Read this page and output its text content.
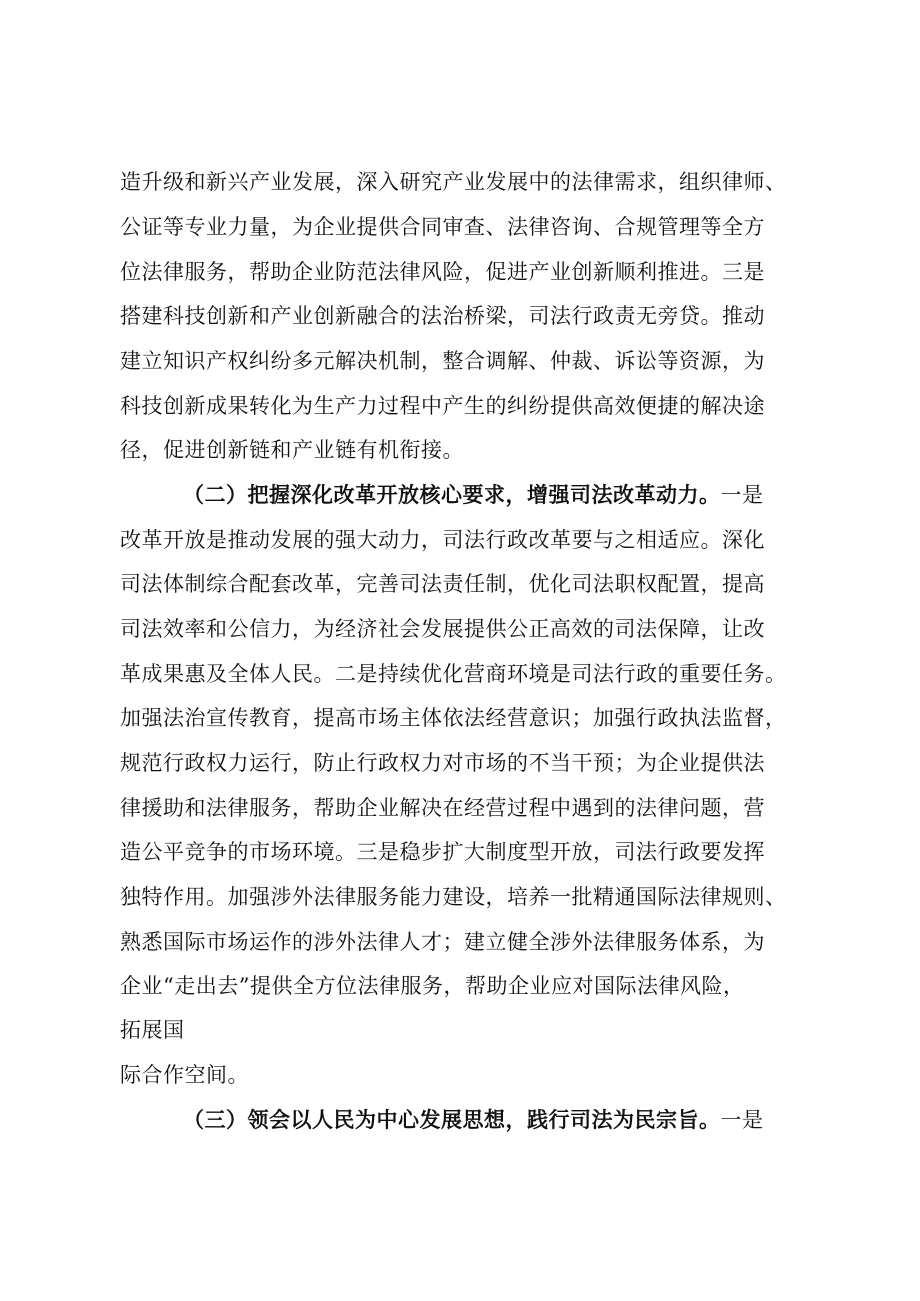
造升级和新兴产业发展，深入研究产业发展中的法律需求，组织律师、
公证等专业力量，为企业提供合同审查、法律咨询、合规管理等全方
位法律服务，帮助企业防范法律风险，促进产业创新顺利推进。三是
搭建科技创新和产业创新融合的法治桥梁，司法行政责无旁贷。推动
建立知识产权纠纷多元解决机制，整合调解、仲裁、诉讼等资源，为
科技创新成果转化为生产力过程中产生的纠纷提供高效便捷的解决途
径，促进创新链和产业链有机衔接。
（二）把握深化改革开放核心要求，增强司法改革动力。一是
改革开放是推动发展的强大动力，司法行政改革要与之相适应。深化
司法体制综合配套改革，完善司法责任制，优化司法职权配置，提高
司法效率和公信力，为经济社会发展提供公正高效的司法保障，让改
革成果惠及全体人民。二是持续优化营商环境是司法行政的重要任务。
加强法治宣传教育，提高市场主体依法经营意识；加强行政执法监督，
规范行政权力运行，防止行政权力对市场的不当干预；为企业提供法
律援助和法律服务，帮助企业解决在经营过程中遇到的法律问题，营
造公平竞争的市场环境。三是稳步扩大制度型开放，司法行政要发挥
独特作用。加强涉外法律服务能力建设，培养一批精通国际法律规则、
熟悉国际市场运作的涉外法律人才；建立健全涉外法律服务体系，为
企业“走出去”提供全方位法律服务，帮助企业应对国际法律风险，
拓展国
际合作空间。
（三）领会以人民为中心发展思想，践行司法为民宗旨。一是
